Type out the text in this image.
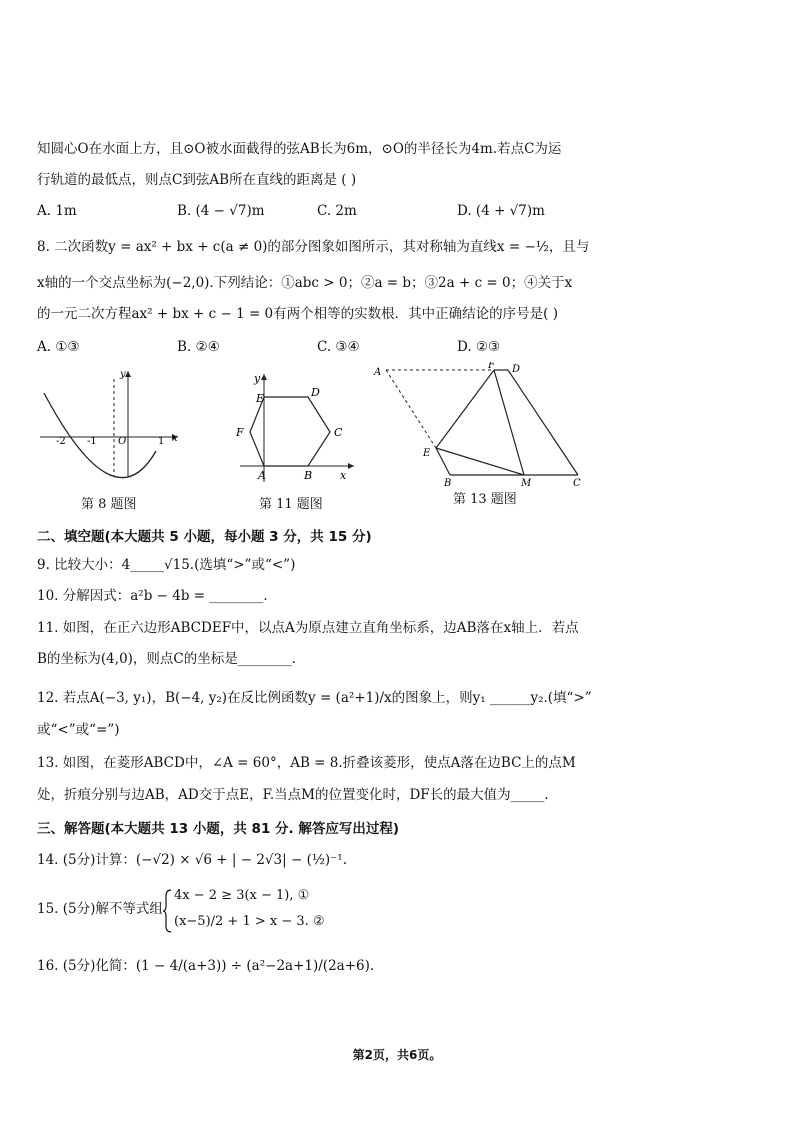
知圆心O在水面上方，且⊙O被水面截得的弦AB长为6m，⊙O的半径长为4m.若点C为运
行轨道的最低点，则点C到弦AB所在直线的距离是 ( )
A. 1m	B. (4 − √7)m	C. 2m	D. (4 + √7)m
8. 二次函数y = ax² + bx + c(a ≠ 0)的部分图象如图所示，其对称轴为直线x = −½，且与
x轴的一个交点坐标为(−2,0).下列结论：①abc > 0；②a = b；③2a + c = 0；④关于x
的一元二次方程ax² + bx + c − 1 = 0有两个相等的实数根．其中正确结论的序号是( )
A. ①③	B. ②④	C. ③④	D. ②③
-2 -1 O	1 x
y
第 8 题图
E	D
F	C
A	B	x
y
第 11 题图
A
F D
E
B	M	C
第 13 题图
二、填空题(本大题共 5 小题，每小题 3 分，共 15 分)
9. 比较大小：4_____√15.(选填“>”或“<”)
10. 分解因式：a²b − 4b = ________.
11. 如图，在正六边形ABCDEF中，以点A为原点建立直角坐标系，边AB落在x轴上．若点
B的坐标为(4,0)，则点C的坐标是________.
12. 若点A(−3, y₁)，B(−4, y₂)在反比例函数y = (a²+1)/x的图象上，则y₁ ______y₂.(填“>”
或“<”或“=”)
13. 如图，在菱形ABCD中，∠A = 60°，AB = 8.折叠该菱形，使点A落在边BC上的点M
处，折痕分别与边AB，AD交于点E，F.当点M的位置变化时，DF长的最大值为_____.
三、解答题(本大题共 13 小题，共 81 分. 解答应写出过程)
14. (5分)计算：(−√2) × √6 + | − 2√3| − (½)⁻¹.
15. (5分)解不等式组
4x − 2 ≥ 3(x − 1), ①
(x−5)/2 + 1 > x − 3. ②
16. (5分)化简：(1 − 4/(a+3)) ÷ (a²−2a+1)/(2a+6).
第2页，共6页。
